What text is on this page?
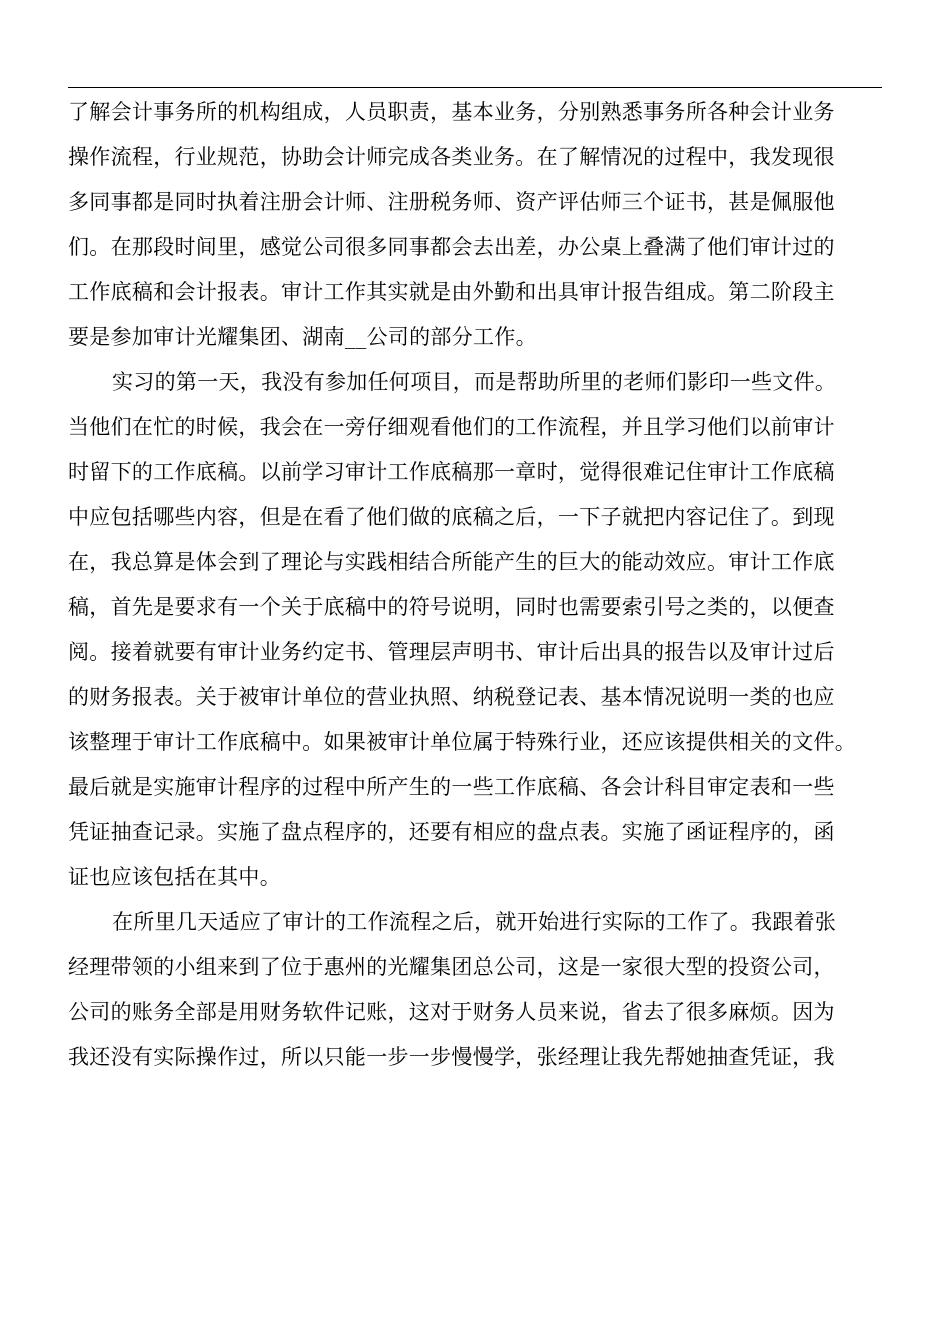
了解会计事务所的机构组成，人员职责，基本业务，分别熟悉事务所各种会计业务
操作流程，行业规范，协助会计师完成各类业务。在了解情况的过程中，我发现很
多同事都是同时执着注册会计师、注册税务师、资产评估师三个证书，甚是佩服他
们。在那段时间里，感觉公司很多同事都会去出差，办公桌上叠满了他们审计过的
工作底稿和会计报表。审计工作其实就是由外勤和出具审计报告组成。第二阶段主
要是参加审计光耀集团、湖南__公司的部分工作。
实习的第一天，我没有参加任何项目，而是帮助所里的老师们影印一些文件。
当他们在忙的时候，我会在一旁仔细观看他们的工作流程，并且学习他们以前审计
时留下的工作底稿。以前学习审计工作底稿那一章时，觉得很难记住审计工作底稿
中应包括哪些内容，但是在看了他们做的底稿之后，一下子就把内容记住了。到现
在，我总算是体会到了理论与实践相结合所能产生的巨大的能动效应。审计工作底
稿，首先是要求有一个关于底稿中的符号说明，同时也需要索引号之类的，以便查
阅。接着就要有审计业务约定书、管理层声明书、审计后出具的报告以及审计过后
的财务报表。关于被审计单位的营业执照、纳税登记表、基本情况说明一类的也应
该整理于审计工作底稿中。如果被审计单位属于特殊行业，还应该提供相关的文件。
最后就是实施审计程序的过程中所产生的一些工作底稿、各会计科目审定表和一些
凭证抽查记录。实施了盘点程序的，还要有相应的盘点表。实施了函证程序的，函
证也应该包括在其中。
在所里几天适应了审计的工作流程之后，就开始进行实际的工作了。我跟着张
经理带领的小组来到了位于惠州的光耀集团总公司，这是一家很大型的投资公司，
公司的账务全部是用财务软件记账，这对于财务人员来说，省去了很多麻烦。因为
我还没有实际操作过，所以只能一步一步慢慢学，张经理让我先帮她抽查凭证，我
